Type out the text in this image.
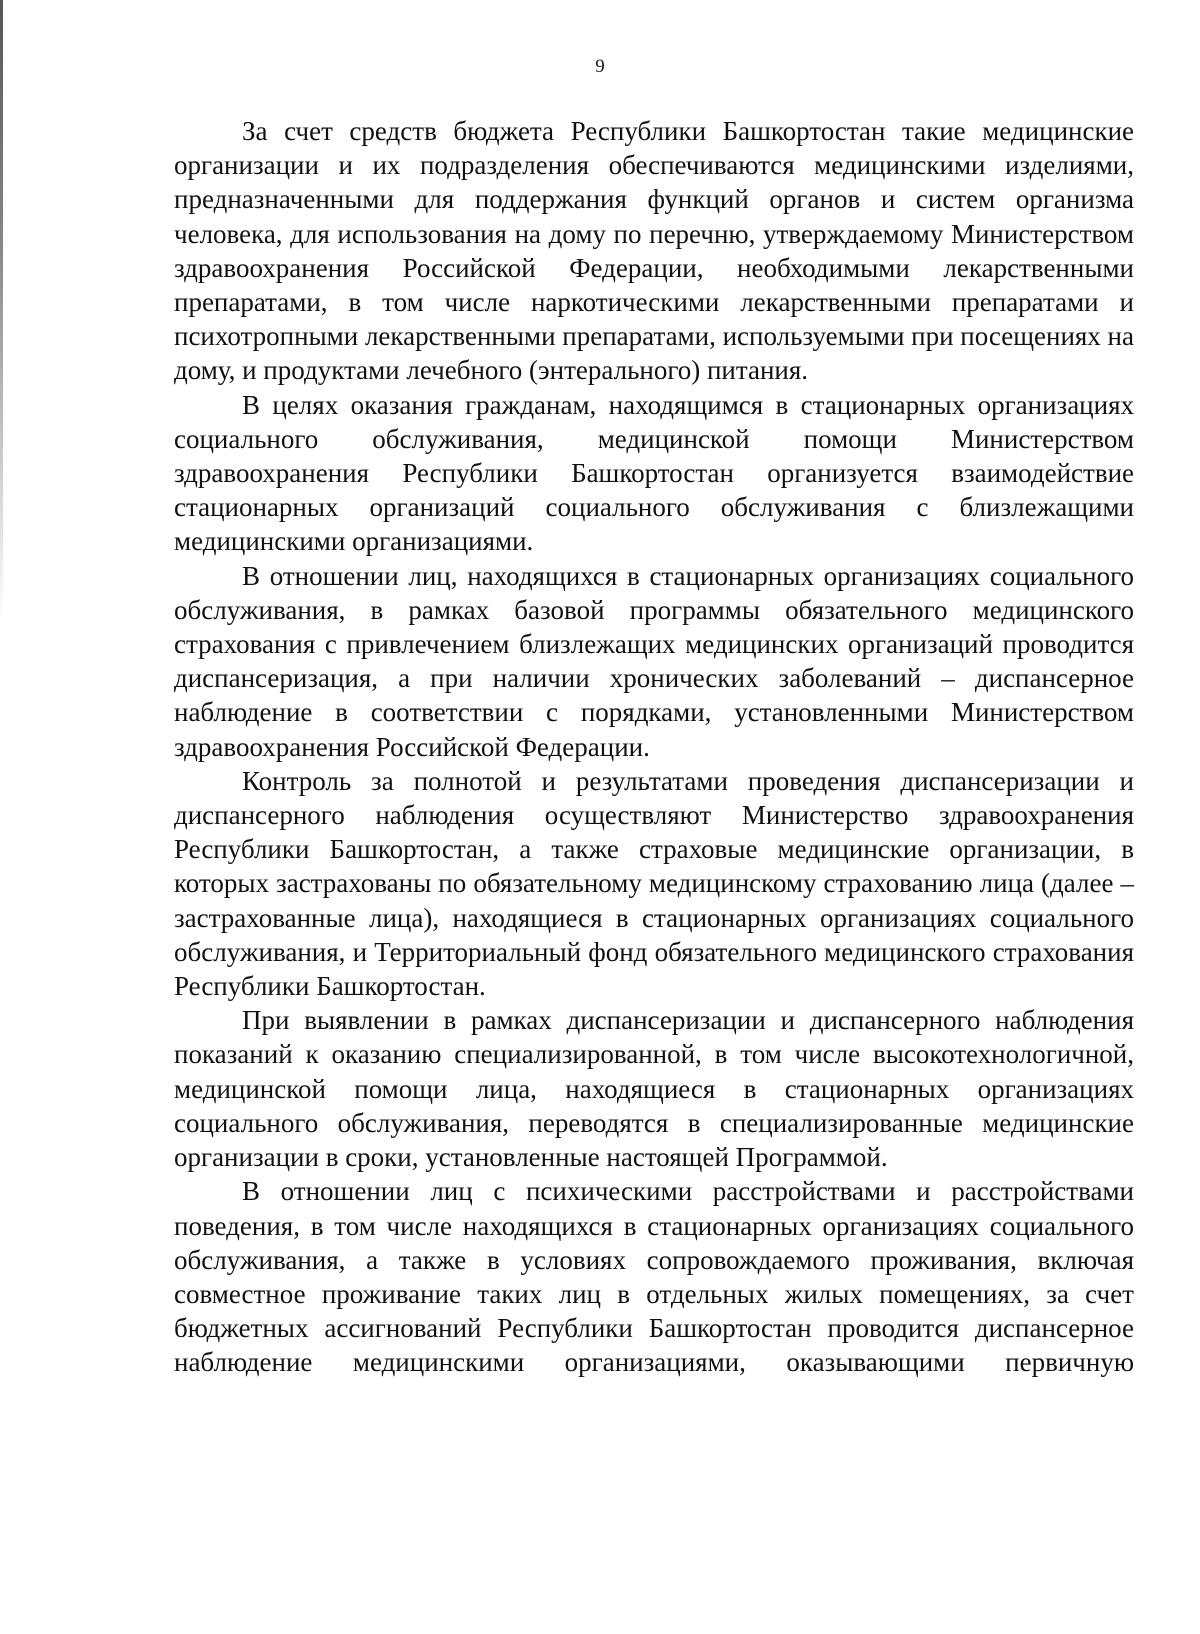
9

За счет средств бюджета Республики Башкортостан такие медицинские организации и их подразделения обеспечиваются медицинскими изделиями, предназначенными для поддержания функций органов и систем организма человека, для использования на дому по перечню, утверждаемому Министерством здравоохранения Российской Федерации, необходимыми лекарственными препаратами, в том числе наркотическими лекарственными препаратами и психотропными лекарственными препаратами, используемыми при посещениях на дому, и продуктами лечебного (энтерального) питания.

В целях оказания гражданам, находящимся в стационарных организациях социального обслуживания, медицинской помощи Министерством здравоохранения Республики Башкортостан организуется взаимодействие стационарных организаций социального обслуживания с близлежащими медицинскими организациями.

В отношении лиц, находящихся в стационарных организациях социального обслуживания, в рамках базовой программы обязательного медицинского страхования с привлечением близлежащих медицинских организаций проводится диспансеризация, а при наличии хронических заболеваний – диспансерное наблюдение в соответствии с порядками, установленными Министерством здравоохранения Российской Федерации.

Контроль за полнотой и результатами проведения диспансеризации и диспансерного наблюдения осуществляют Министерство здравоохранения Республики Башкортостан, а также страховые медицинские организации, в которых застрахованы по обязательному медицинскому страхованию лица (далее – застрахованные лица), находящиеся в стационарных организациях социального обслуживания, и Территориальный фонд обязательного медицинского страхования Республики Башкортостан.

При выявлении в рамках диспансеризации и диспансерного наблюдения показаний к оказанию специализированной, в том числе высокотехнологичной, медицинской помощи лица, находящиеся в стационарных организациях социального обслуживания, переводятся в специализированные медицинские организации в сроки, установленные настоящей Программой.

В отношении лиц с психическими расстройствами и расстройствами поведения, в том числе находящихся в стационарных организациях социального обслуживания, а также в условиях сопровождаемого проживания, включая совместное проживание таких лиц в отдельных жилых помещениях, за счет бюджетных ассигнований Республики Башкортостан проводится диспансерное наблюдение медицинскими организациями, оказывающими первичную
